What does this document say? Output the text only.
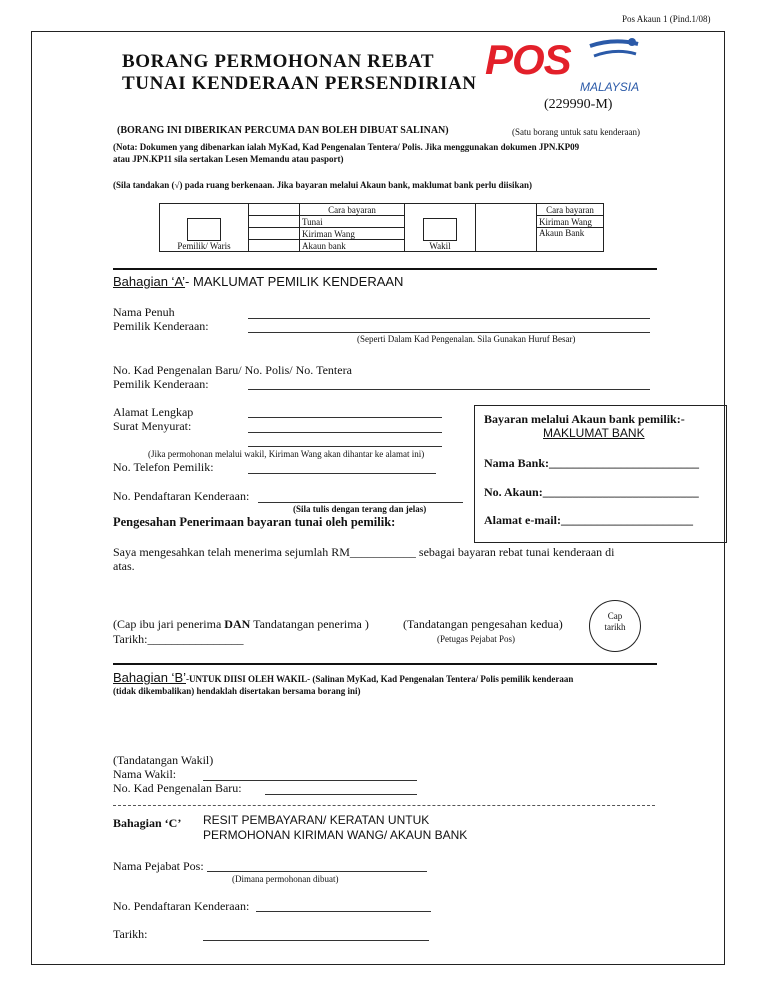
Pos Akaun 1 (Pind.1/08)
BORANG PERMOHONAN REBAT
TUNAI KENDERAAN PERSENDIRIAN
POS
MALAYSIA
(229990-M)
(BORANG INI DIBERIKAN PERCUMA DAN BOLEH DIBUAT SALINAN)	(Satu borang untuk satu kenderaan)
(Nota: Dokumen yang dibenarkan ialah MyKad, Kad Pengenalan Tentera/ Polis. Jika menggunakan dokumen JPN.KP09
atau JPN.KP11 sila sertakan Lesen Memandu atau pasport)
(Sila tandakan (√) pada ruang berkenaan. Jika bayaran melalui Akaun bank, maklumat bank perlu diisikan)
Pemilik/ Waris		Cara bayaran	Wakil		Cara bayaran
		Tunai			Kiriman Wang
		Kiriman Wang			Akaun Bank
		Akaun bank			
Bahagian ‘A’- MAKLUMAT PEMILIK KENDERAAN
Nama Penuh
Pemilik Kenderaan:
(Seperti Dalam Kad Pengenalan. Sila Gunakan Huruf Besar)
No. Kad Pengenalan Baru/ No. Polis/ No. Tentera
Pemilik Kenderaan:
Alamat Lengkap
Surat Menyurat:
(Jika permohonan melalui wakil, Kiriman Wang akan dihantar ke alamat ini)
No. Telefon Pemilik:
No. Pendaftaran Kenderaan:
(Sila tulis dengan terang dan jelas)
Bayaran melalui Akaun bank pemilik:-
MAKLUMAT BANK
Nama Bank:_________________________
No. Akaun:__________________________
Alamat e-mail:______________________
Pengesahan Penerimaan bayaran tunai oleh pemilik:
Saya mengesahkan telah menerima sejumlah RM___________ sebagai bayaran rebat tunai kenderaan di
atas.
(Cap ibu jari penerima DAN Tandatangan penerima )	(Tandatangan pengesahan kedua)
Tarikh:________________	(Petugas Pejabat Pos)
Cap
tarikh
Bahagian ‘B’-UNTUK DIISI OLEH WAKIL- (Salinan MyKad, Kad Pengenalan Tentera/ Polis pemilik kenderaan
(tidak dikembalikan) hendaklah disertakan bersama borang ini)
(Tandatangan Wakil)
Nama Wakil:
No. Kad Pengenalan Baru:
Bahagian ‘C’ RESIT PEMBAYARAN/ KERATAN UNTUK
PERMOHONAN KIRIMAN WANG/ AKAUN BANK
Nama Pejabat Pos:
(Dimana permohonan dibuat)
No. Pendaftaran Kenderaan:
Tarikh:
